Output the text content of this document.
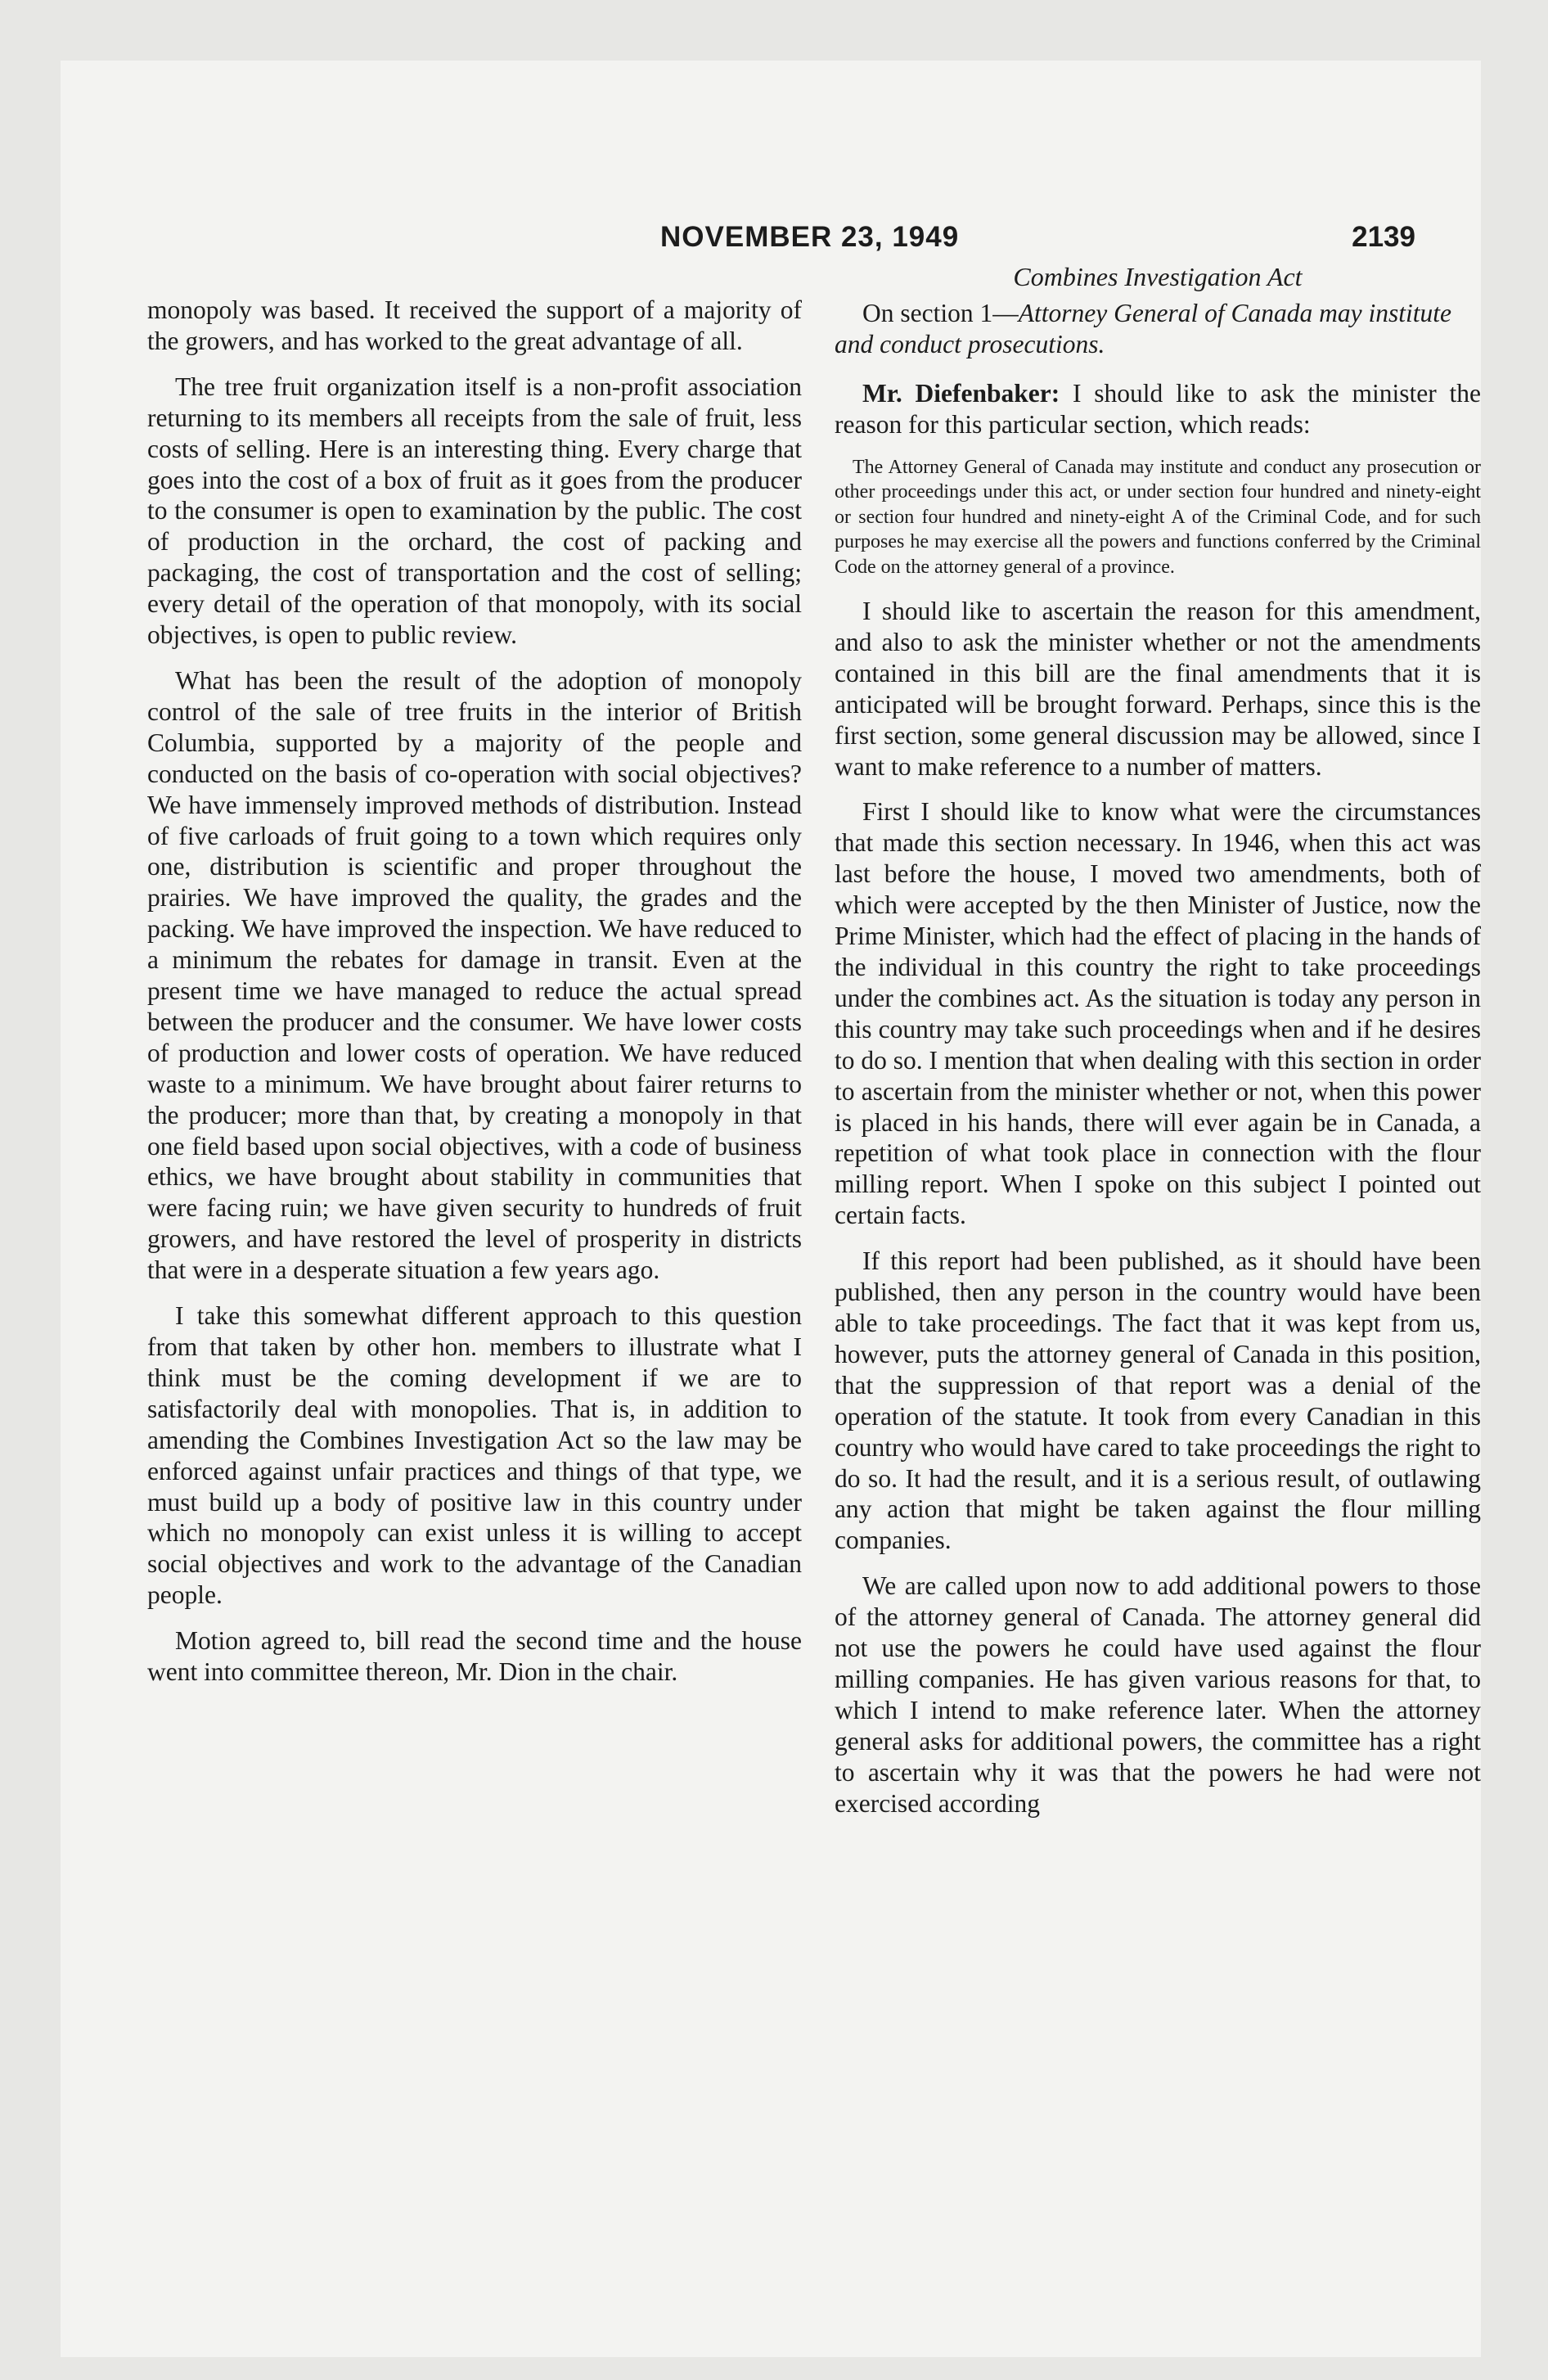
NOVEMBER 23, 1949	2139

monopoly was based. It received the support of a majority of the growers, and has worked to the great advantage of all.

The tree fruit organization itself is a non-profit association returning to its members all receipts from the sale of fruit, less costs of selling. Here is an interesting thing. Every charge that goes into the cost of a box of fruit as it goes from the producer to the consumer is open to examination by the public. The cost of production in the orchard, the cost of packing and packaging, the cost of transportation and the cost of selling; every detail of the operation of that monopoly, with its social objectives, is open to public review.

What has been the result of the adoption of monopoly control of the sale of tree fruits in the interior of British Columbia, supported by a majority of the people and conducted on the basis of co-operation with social objectives? We have immensely improved methods of distribution. Instead of five carloads of fruit going to a town which requires only one, distribution is scientific and proper throughout the prairies. We have improved the quality, the grades and the packing. We have improved the inspection. We have reduced to a minimum the rebates for damage in transit. Even at the present time we have managed to reduce the actual spread between the producer and the consumer. We have lower costs of production and lower costs of operation. We have reduced waste to a minimum. We have brought about fairer returns to the producer; more than that, by creating a monopoly in that one field based upon social objectives, with a code of business ethics, we have brought about stability in communities that were facing ruin; we have given security to hundreds of fruit growers, and have restored the level of prosperity in districts that were in a desperate situation a few years ago.

I take this somewhat different approach to this question from that taken by other hon. members to illustrate what I think must be the coming development if we are to satisfactorily deal with monopolies. That is, in addition to amending the Combines Investigation Act so the law may be enforced against unfair practices and things of that type, we must build up a body of positive law in this country under which no monopoly can exist unless it is willing to accept social objectives and work to the advantage of the Canadian people.

Motion agreed to, bill read the second time and the house went into committee thereon, Mr. Dion in the chair.

Combines Investigation Act

On section 1—Attorney General of Canada may institute and conduct prosecutions.

Mr. Diefenbaker: I should like to ask the minister the reason for this particular section, which reads:

The Attorney General of Canada may institute and conduct any prosecution or other proceedings under this act, or under section four hundred and ninety-eight or section four hundred and ninety-eight A of the Criminal Code, and for such purposes he may exercise all the powers and functions conferred by the Criminal Code on the attorney general of a province.

I should like to ascertain the reason for this amendment, and also to ask the minister whether or not the amendments contained in this bill are the final amendments that it is anticipated will be brought forward. Perhaps, since this is the first section, some general discussion may be allowed, since I want to make reference to a number of matters.

First I should like to know what were the circumstances that made this section necessary. In 1946, when this act was last before the house, I moved two amendments, both of which were accepted by the then Minister of Justice, now the Prime Minister, which had the effect of placing in the hands of the individual in this country the right to take proceedings under the combines act. As the situation is today any person in this country may take such proceedings when and if he desires to do so. I mention that when dealing with this section in order to ascertain from the minister whether or not, when this power is placed in his hands, there will ever again be in Canada, a repetition of what took place in connection with the flour milling report. When I spoke on this subject I pointed out certain facts.

If this report had been published, as it should have been published, then any person in the country would have been able to take proceedings. The fact that it was kept from us, however, puts the attorney general of Canada in this position, that the suppression of that report was a denial of the operation of the statute. It took from every Canadian in this country who would have cared to take proceedings the right to do so. It had the result, and it is a serious result, of outlawing any action that might be taken against the flour milling companies.

We are called upon now to add additional powers to those of the attorney general of Canada. The attorney general did not use the powers he could have used against the flour milling companies. He has given various reasons for that, to which I intend to make reference later. When the attorney general asks for additional powers, the committee has a right to ascertain why it was that the powers he had were not exercised according
